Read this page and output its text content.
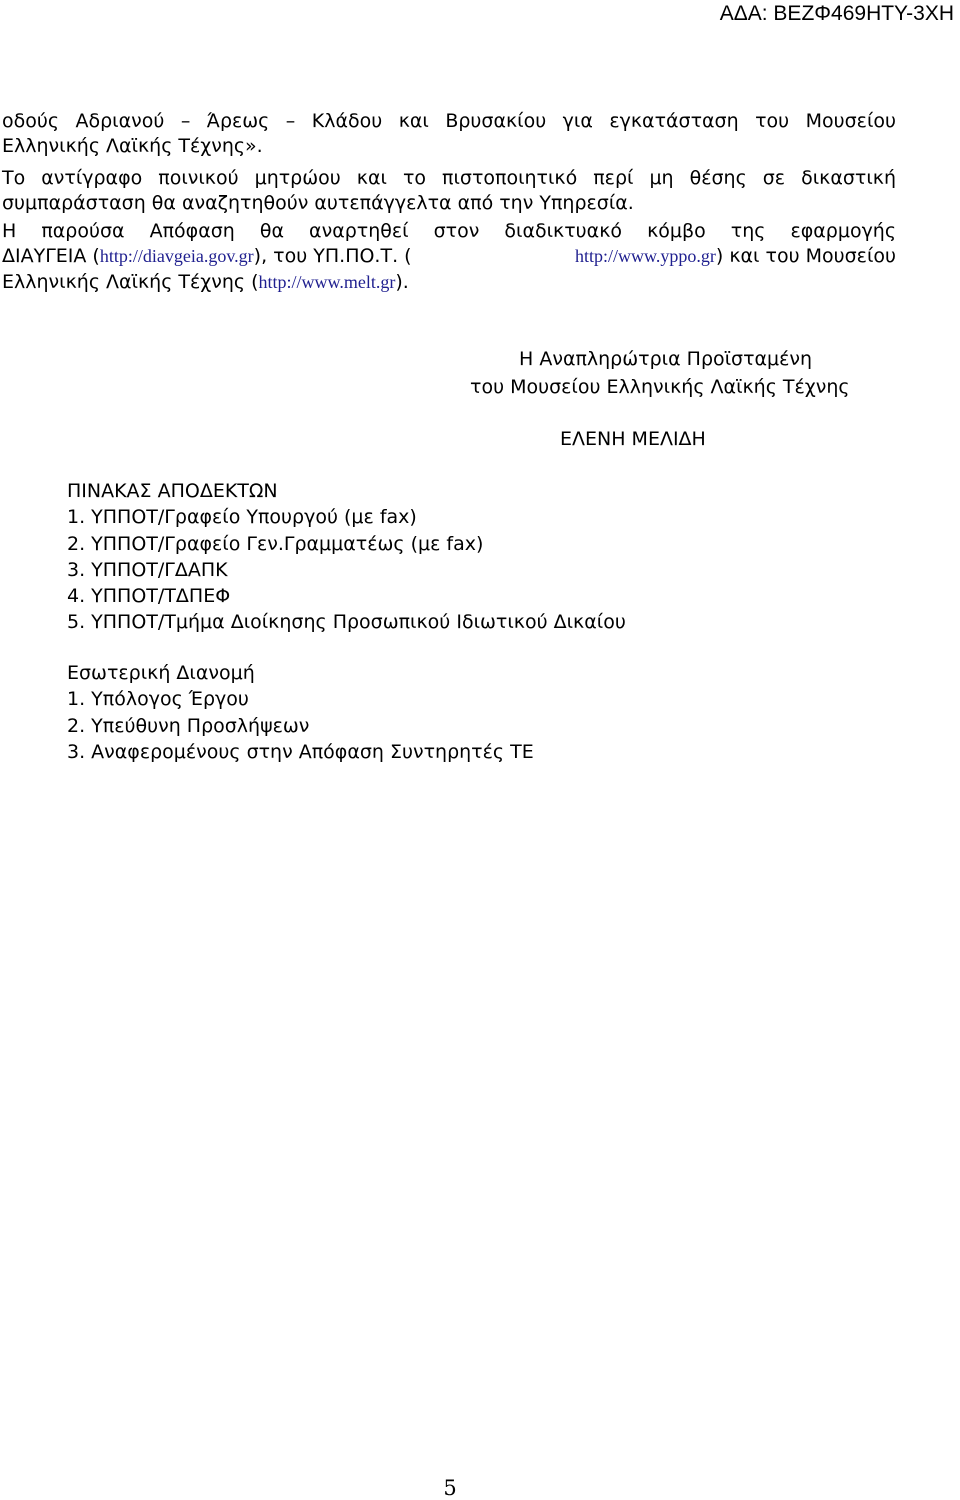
ΑΔΑ: ΒΕΖΦ469ΗΤΥ-3ΧΗ
οδούς Αδριανού – Άρεως – Κλάδου και Βρυσακίου για εγκατάσταση του Μουσείου
Ελληνικής Λαϊκής Τέχνης».
Το αντίγραφο ποινικού μητρώου και το πιστοποιητικό περί μη θέσης σε δικαστική
συμπαράσταση θα αναζητηθούν αυτεπάγγελτα από την Υπηρεσία.
Η παρούσα Απόφαση θα αναρτηθεί στον διαδικτυακό κόμβο της εφαρμογής
ΔΙΑΥΓΕΙΑ (http://diavgeia.gov.gr), του ΥΠ.ΠΟ.Τ. (	http://www.yppo.gr) και του Μουσείου
Ελληνικής Λαϊκής Τέχνης (http://www.melt.gr).
Η Αναπληρώτρια Προϊσταμένη
του Μουσείου Ελληνικής Λαϊκής Τέχνης
ΕΛΕΝΗ ΜΕΛΙΔΗ
ΠΙΝΑΚΑΣ ΑΠΟΔΕΚΤΩΝ
1. ΥΠΠΟΤ/Γραφείο Υπουργού (με fax)
2. ΥΠΠΟΤ/Γραφείο Γεν.Γραμματέως (με fax)
3. ΥΠΠΟΤ/ΓΔΑΠΚ
4. ΥΠΠΟΤ/ΤΔΠΕΦ
5. ΥΠΠΟΤ/Τμήμα Διοίκησης Προσωπικού Ιδιωτικού Δικαίου
Εσωτερική Διανομή
1. Υπόλογος Έργου
2. Υπεύθυνη Προσλήψεων
3. Αναφερομένους στην Απόφαση Συντηρητές ΤΕ
5
